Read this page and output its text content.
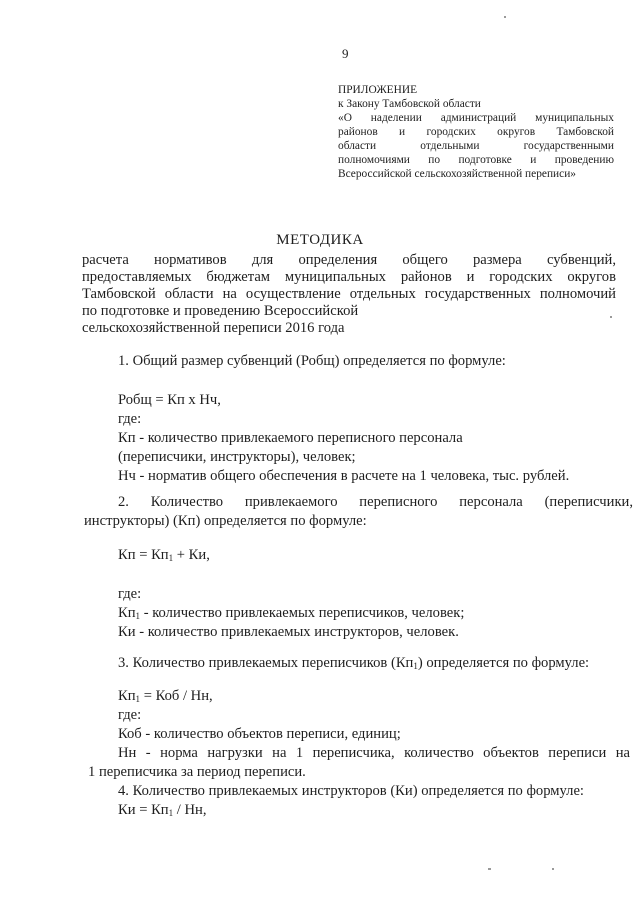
9
ПРИЛОЖЕНИЕ
к Закону Тамбовской области
«О наделении администраций муниципальных
районов и городских округов Тамбовской
области отдельными государственными
полномочиями по подготовке и проведению
Всероссийской сельскохозяйственной переписи»
МЕТОДИКА
расчета нормативов для определения общего размера субвенций,
предоставляемых бюджетам муниципальных районов и городских округов
Тамбовской области на осуществление отдельных государственных полномочий
по подготовке и проведению Всероссийской
сельскохозяйственной переписи 2016 года
1. Общий размер субвенций (Робщ) определяется по формуле:
Робщ = Кп х Нч,
где:
Кп - количество привлекаемого переписного персонала
(переписчики, инструкторы), человек;
Нч - норматив общего обеспечения в расчете на 1 человека, тыс. рублей.
2. Количество привлекаемого переписного персонала (переписчики,
инструкторы) (Кп) определяется по формуле:
Кп = $Кп_1$ + Ки,
где:
$Кп_1$ - количество привлекаемых переписчиков, человек;
Ки - количество привлекаемых инструкторов, человек.
3. Количество привлекаемых переписчиков $(Кп_1)$ определяется по формуле:
$Кп_1$ = Коб / Нн,
где:
Коб - количество объектов переписи, единиц;
Нн - норма нагрузки на 1 переписчика, количество объектов переписи на
1 переписчика за период переписи.
4. Количество привлекаемых инструкторов (Ки) определяется по формуле:
Ки = $Кп_1$ / Нн,
